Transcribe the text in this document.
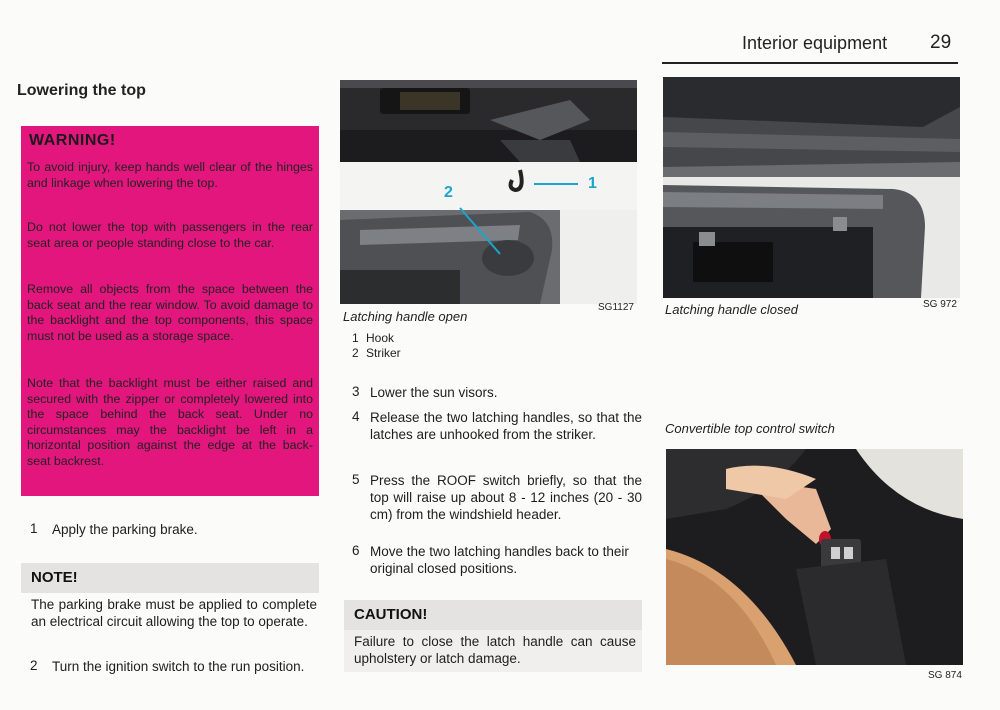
Interior equipment 29
Lowering the top
WARNING!
To avoid injury, keep hands well clear of the hinges and linkage when lowering the top.
Do not lower the top with passengers in the rear seat area or people standing close to the car.
Remove all objects from the space between the back seat and the rear window. To avoid damage to the backlight and the top components, this space must not be used as a storage space.
Note that the backlight must be either raised and secured with the zipper or completely lowered into the space behind the back seat. Under no circumstances may the backlight be left in a horizontal position against the edge at the back-seat backrest.
1 Apply the parking brake.
NOTE!
The parking brake must be applied to complete an electrical circuit allowing the top to operate.
2 Turn the ignition switch to the run position.
1
2
Latching handle open
SG1127
1 Hook
2 Striker
3 Lower the sun visors.
4 Release the two latching handles, so that the latches are unhooked from the striker.
5 Press the ROOF switch briefly, so that the top will raise up about 8 - 12 inches (20 - 30 cm) from the windshield header.
6 Move the two latching handles back to their original closed positions.
CAUTION!
Failure to close the latch handle can cause upholstery or latch damage.
Latching handle closed	SG 972
Convertible top control switch
SG 874
